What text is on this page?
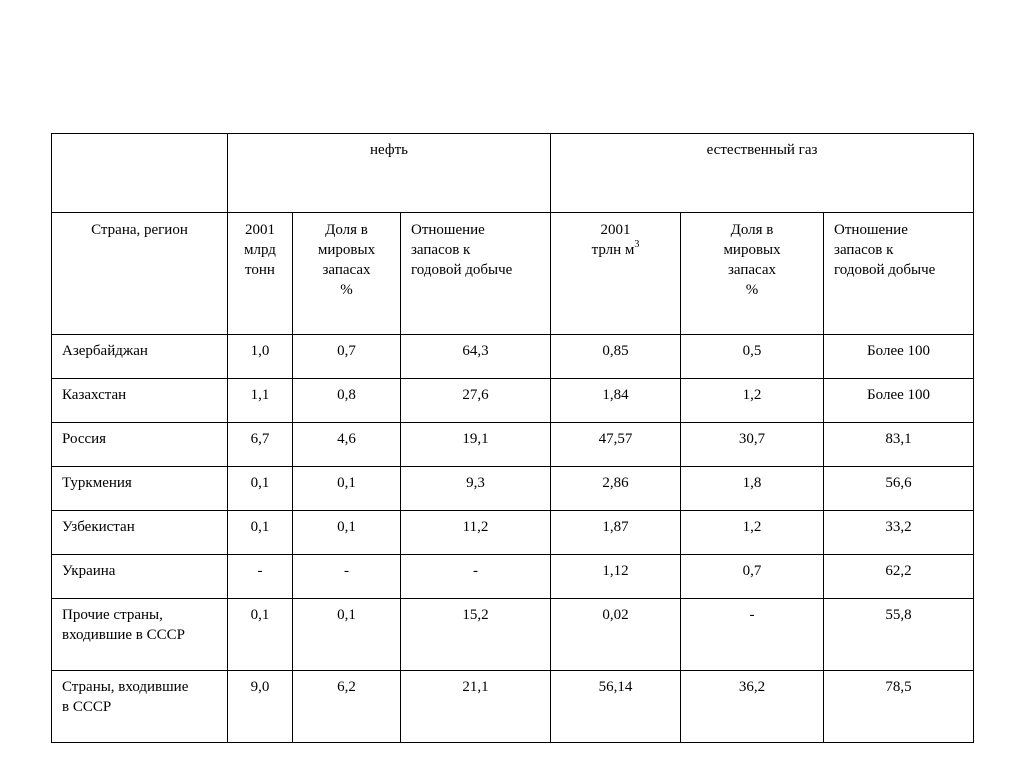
	нефть			естественный газ		
Страна, регион	2001
млрд
тонн	Доля в
мировых
запасах
%	Отношение
запасов к
годовой добыче	2001
трлн $м^3$	Доля в
мировых
запасах
%	Отношение
запасов к
годовой добыче
Азербайджан	1,0	0,7	64,3	0,85	0,5	Более 100
Казахстан	1,1	0,8	27,6	1,84	1,2	Более 100
Россия	6,7	4,6	19,1	47,57	30,7	83,1
Туркмения	0,1	0,1	9,3	2,86	1,8	56,6
Узбекистан	0,1	0,1	11,2	1,87	1,2	33,2
Украина	-	-	-	1,12	0,7	62,2
Прочие страны,
входившие в СССР	0,1	0,1	15,2	0,02	-	55,8
Страны, входившие
в СССР	9,0	6,2	21,1	56,14	36,2	78,5
